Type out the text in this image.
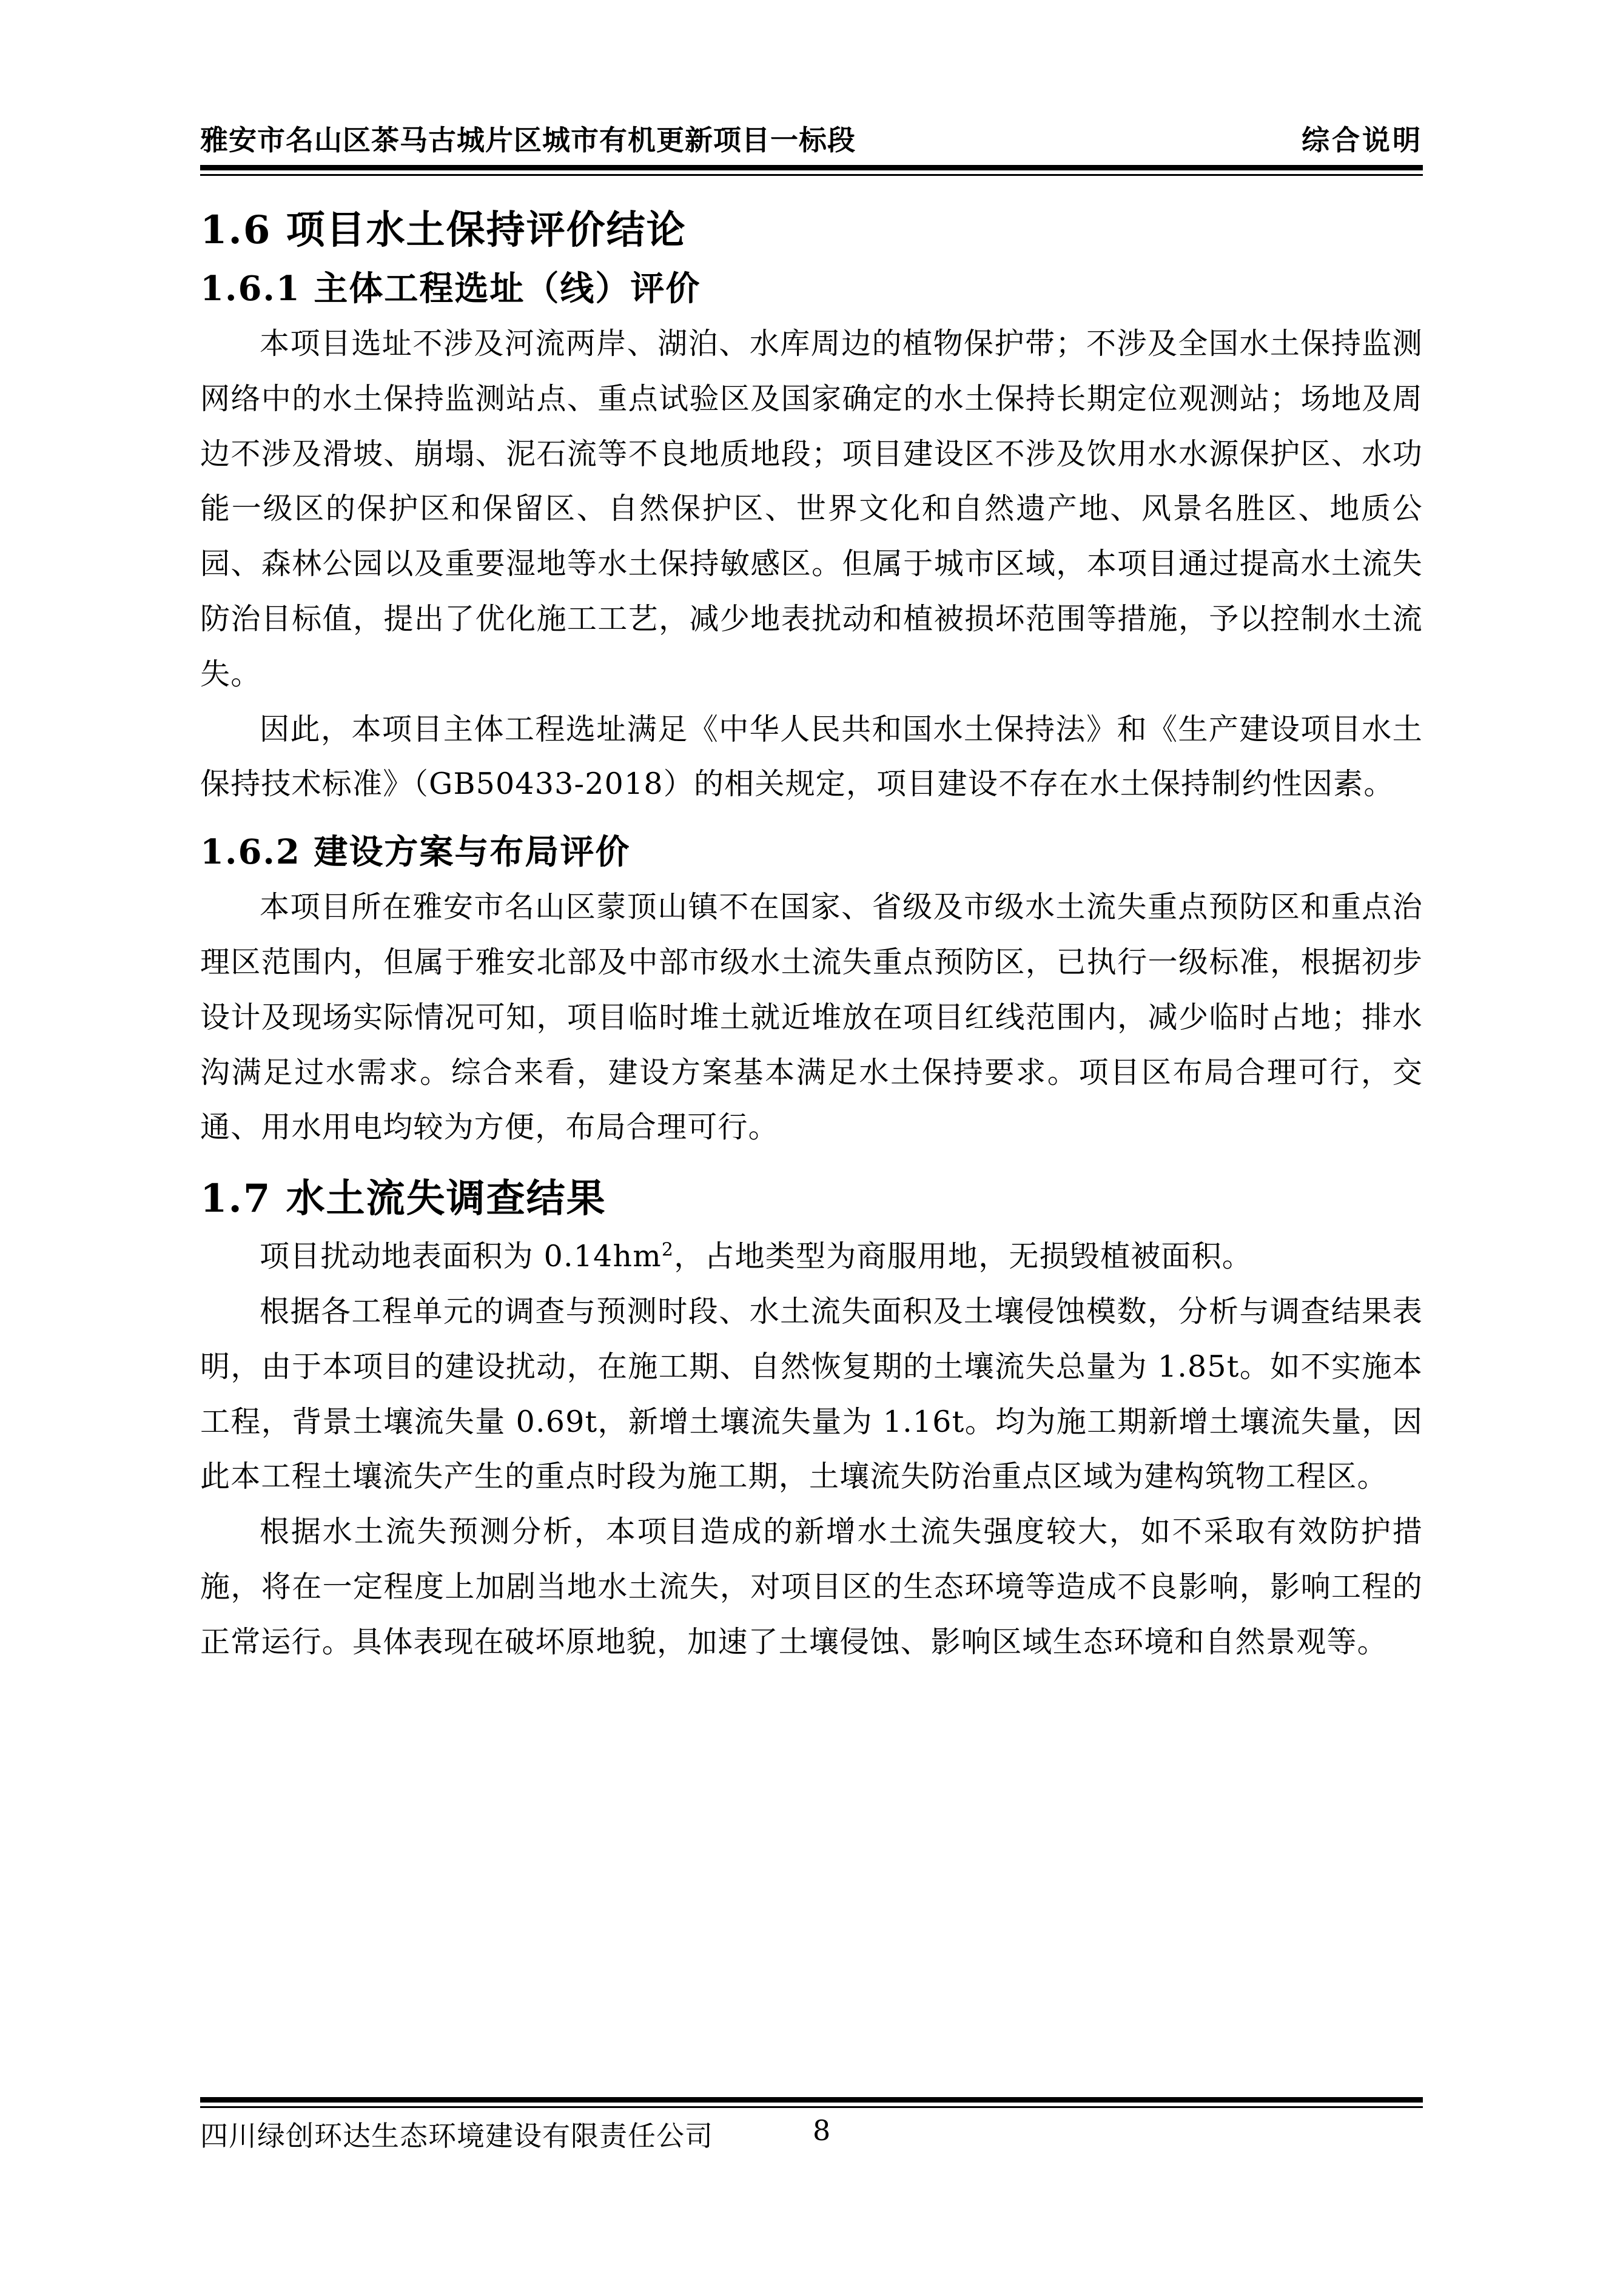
雅安市名山区茶马古城片区城市有机更新项目一标段	综合说明
1.6 项目水土保持评价结论
1.6.1 主体工程选址（线）评价

本项目选址不涉及河流两岸、湖泊、水库周边的植物保护带；不涉及全国水土保持监测网络中的水土保持监测站点、重点试验区及国家确定的水土保持长期定位观测站；场地及周边不涉及滑坡、崩塌、泥石流等不良地质地段；项目建设区不涉及饮用水水源保护区、水功能一级区的保护区和保留区、自然保护区、世界文化和自然遗产地、风景名胜区、地质公园、森林公园以及重要湿地等水土保持敏感区。但属于城市区域，本项目通过提高水土流失防治目标值，提出了优化施工工艺，减少地表扰动和植被损坏范围等措施，予以控制水土流失。

因此，本项目主体工程选址满足《中华人民共和国水土保持法》和《生产建设项目水土保持技术标准》（GB50433-2018）的相关规定，项目建设不存在水土保持制约性因素。

1.6.2 建设方案与布局评价

本项目所在雅安市名山区蒙顶山镇不在国家、省级及市级水土流失重点预防区和重点治理区范围内，但属于雅安北部及中部市级水土流失重点预防区，已执行一级标准，根据初步设计及现场实际情况可知，项目临时堆土就近堆放在项目红线范围内，减少临时占地；排水沟满足过水需求。综合来看，建设方案基本满足水土保持要求。项目区布局合理可行，交通、用水用电均较为方便，布局合理可行。

1.7 水土流失调查结果

项目扰动地表面积为 $0.14hm^2$，占地类型为商服用地，无损毁植被面积。

根据各工程单元的调查与预测时段、水土流失面积及土壤侵蚀模数，分析与调查结果表明，由于本项目的建设扰动，在施工期、自然恢复期的土壤流失总量为 1.85t。如不实施本工程，背景土壤流失量 0.69t，新增土壤流失量为 1.16t。均为施工期新增土壤流失量，因此本工程土壤流失产生的重点时段为施工期，土壤流失防治重点区域为建构筑物工程区。

根据水土流失预测分析，本项目造成的新增水土流失强度较大，如不采取有效防护措施，将在一定程度上加剧当地水土流失，对项目区的生态环境等造成不良影响，影响工程的正常运行。具体表现在破坏原地貌，加速了土壤侵蚀、影响区域生态环境和自然景观等。

四川绿创环达生态环境建设有限责任公司	8
